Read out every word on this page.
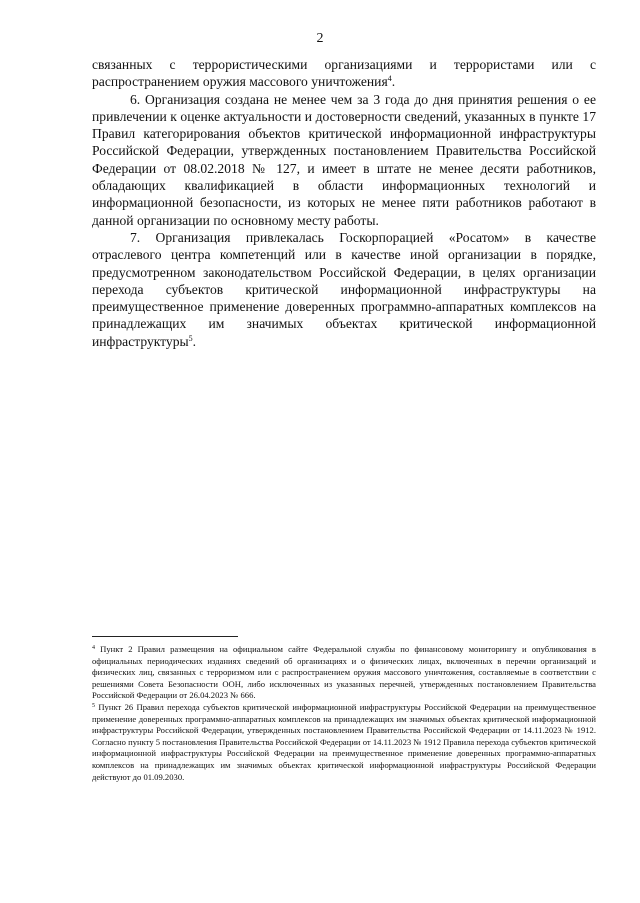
2

связанных с террористическими организациями и террористами или с распространением оружия массового уничтожения$^4$.

6. Организация создана не менее чем за 3 года до дня принятия решения о ее привлечении к оценке актуальности и достоверности сведений, указанных в пункте 17 Правил категорирования объектов критической информационной инфраструктуры Российской Федерации, утвержденных постановлением Правительства Российской Федерации от 08.02.2018 № 127, и имеет в штате не менее десяти работников, обладающих квалификацией в области информационных технологий и информационной безопасности, из которых не менее пяти работников работают в данной организации по основному месту работы.

7. Организация привлекалась Госкорпорацией «Росатом» в качестве отраслевого центра компетенций или в качестве иной организации в порядке, предусмотренном законодательством Российской Федерации, в целях организации перехода субъектов критической информационной инфраструктуры на преимущественное применение доверенных программно-аппаратных комплексов на принадлежащих им значимых объектах критической информационной инфраструктуры$^5$.

$^4$ Пункт 2 Правил размещения на официальном сайте Федеральной службы по финансовому мониторингу и опубликования в официальных периодических изданиях сведений об организациях и о физических лицах, включенных в перечни организаций и физических лиц, связанных с терроризмом или с распространением оружия массового уничтожения, составляемые в соответствии с решениями Совета Безопасности ООН, либо исключенных из указанных перечней, утвержденных постановлением Правительства Российской Федерации от 26.04.2023 № 666.

$^5$ Пункт 26 Правил перехода субъектов критической информационной инфраструктуры Российской Федерации на преимущественное применение доверенных программно-аппаратных комплексов на принадлежащих им значимых объектах критической информационной инфраструктуры Российской Федерации, утвержденных постановлением Правительства Российской Федерации от 14.11.2023 № 1912. Согласно пункту 5 постановления Правительства Российской Федерации от 14.11.2023 № 1912 Правила перехода субъектов критической информационной инфраструктуры Российской Федерации на преимущественное применение доверенных программно-аппаратных комплексов на принадлежащих им значимых объектах критической информационной инфраструктуры Российской Федерации действуют до 01.09.2030.
